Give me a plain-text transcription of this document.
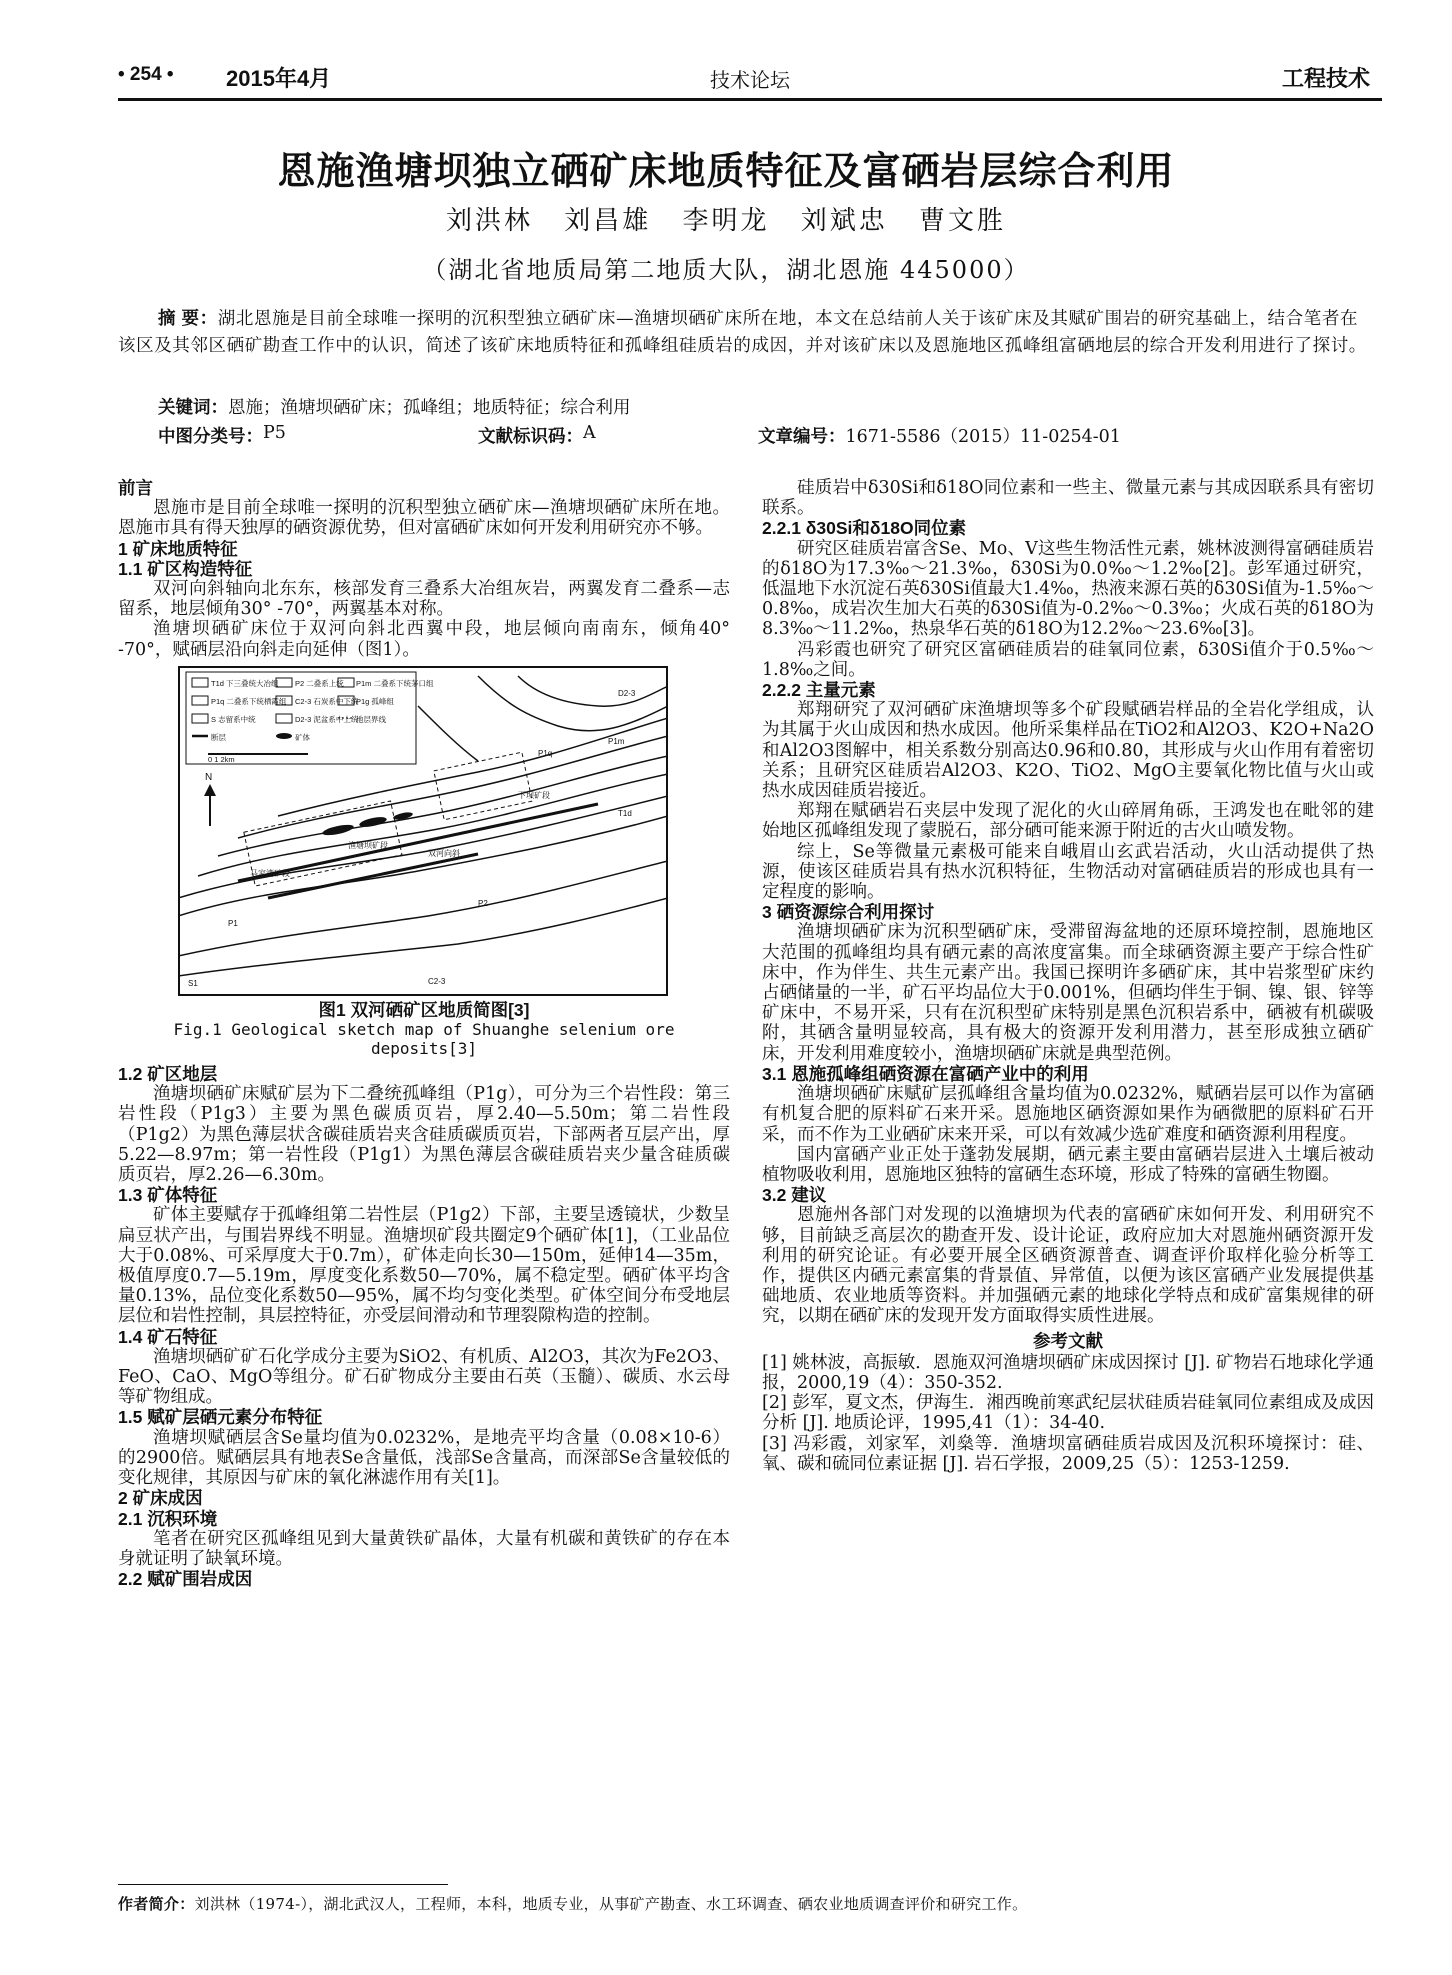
• 254 • 2015年4月	技术论坛	工程技术
恩施渔塘坝独立硒矿床地质特征及富硒岩层综合利用
刘洪林 刘昌雄 李明龙 刘斌忠 曹文胜
（湖北省地质局第二地质大队，湖北恩施 445000）
摘 要：湖北恩施是目前全球唯一探明的沉积型独立硒矿床—渔塘坝硒矿床所在地，本文在总结前人关于该矿床及其赋矿围岩的研究基础上，结合笔者在该区及其邻区硒矿勘查工作中的认识，简述了该矿床地质特征和孤峰组硅质岩的成因，并对该矿床以及恩施地区孤峰组富硒地层的综合开发利用进行了探讨。
关键词：恩施；渔塘坝硒矿床；孤峰组；地质特征；综合利用
中图分类号： P5	文献标识码： A	文章编号： 1671-5586（2015）11-0254-01
前言

恩施市是目前全球唯一探明的沉积型独立硒矿床—渔塘坝硒矿床所在地。恩施市具有得天独厚的硒资源优势，但对富硒矿床如何开发利用研究亦不够。

1 矿床地质特征
1.1 矿区构造特征

双河向斜轴向北东东，核部发育三叠系大冶组灰岩，两翼发育二叠系—志留系，地层倾角30° -70°，两翼基本对称。

渔塘坝硒矿床位于双河向斜北西翼中段，地层倾向南南东，倾角40° -70°，赋硒层沿向斜走向延伸（图1）。

T1d 下三叠统大冶组 P2 二叠系上统 P1m 二叠系下统茅口组
P1q 二叠系下统栖霞组 C2-3 石炭系中下统
P1g 孤峰组
S 志留系中统	D2-3 泥盆系中上统
地层界线
断层	矿体
0 1 2km
N
渔塘坝矿段
双河向斜
下坝矿段
马家湾矿段
D2-3
P1m
P1q
T1d
P2
C2-3
S1
P1
图1 双河硒矿区地质简图[3]
Fig.1 Geological sketch map of Shuanghe selenium ore deposits[3]
1.2 矿区地层

渔塘坝硒矿床赋矿层为下二叠统孤峰组（P1g），可分为三个岩性段：第三岩性段（P1g3）主要为黑色碳质页岩，厚2.40—5.50m；第二岩性段（P1g2）为黑色薄层状含碳硅质岩夹含硅质碳质页岩，下部两者互层产出，厚5.22—8.97m；第一岩性段（P1g1）为黑色薄层含碳硅质岩夹少量含硅质碳质页岩，厚2.26—6.30m。

1.3 矿体特征

矿体主要赋存于孤峰组第二岩性层（P1g2）下部，主要呈透镜状，少数呈扁豆状产出，与围岩界线不明显。渔塘坝矿段共圈定9个硒矿体[1]，（工业品位大于0.08%、可采厚度大于0.7m），矿体走向长30—150m，延伸14—35m，极值厚度0.7—5.19m，厚度变化系数50—70%，属不稳定型。硒矿体平均含量0.13%，品位变化系数50—95%，属不均匀变化类型。矿体空间分布受地层层位和岩性控制，具层控特征，亦受层间滑动和节理裂隙构造的控制。

1.4 矿石特征

渔塘坝硒矿矿石化学成分主要为SiO2、有机质、Al2O3，其次为Fe2O3、FeO、CaO、MgO等组分。矿石矿物成分主要由石英（玉髓）、碳质、水云母等矿物组成。

1.5 赋矿层硒元素分布特征

渔塘坝赋硒层含Se量均值为0.0232%，是地壳平均含量（0.08×10-6）的2900倍。赋硒层具有地表Se含量低，浅部Se含量高，而深部Se含量较低的变化规律，其原因与矿床的氧化淋滤作用有关[1]。

2 矿床成因
2.1 沉积环境

笔者在研究区孤峰组见到大量黄铁矿晶体，大量有机碳和黄铁矿的存在本身就证明了缺氧环境。

2.2 赋矿围岩成因

硅质岩中δ30Si和δ18O同位素和一些主、微量元素与其成因联系具有密切联系。

2.2.1 δ30Si和δ18O同位素

研究区硅质岩富含Se、Mo、V这些生物活性元素，姚林波测得富硒硅质岩的δ18O为17.3‰～21.3‰，δ30Si为0.0‰～1.2‰[2]。彭军通过研究，低温地下水沉淀石英δ30Si值最大1.4‰，热液来源石英的δ30Si值为-1.5‰～0.8‰，成岩次生加大石英的δ30Si值为-0.2‰～0.3‰；火成石英的δ18O为8.3‰～11.2‰，热泉华石英的δ18O为12.2‰～23.6‰[3]。

冯彩霞也研究了研究区富硒硅质岩的硅氧同位素，δ30Si值介于0.5‰～1.8‰之间。

2.2.2 主量元素

郑翔研究了双河硒矿床渔塘坝等多个矿段赋硒岩样品的全岩化学组成，认为其属于火山成因和热水成因。他所采集样品在TiO2和Al2O3、K2O+Na2O和Al2O3图解中，相关系数分别高达0.96和0.80，其形成与火山作用有着密切关系；且研究区硅质岩Al2O3、K2O、TiO2、MgO主要氧化物比值与火山或热水成因硅质岩接近。

郑翔在赋硒岩石夹层中发现了泥化的火山碎屑角砾，王鸿发也在毗邻的建始地区孤峰组发现了蒙脱石，部分硒可能来源于附近的古火山喷发物。

综上，Se等微量元素极可能来自峨眉山玄武岩活动，火山活动提供了热源，使该区硅质岩具有热水沉积特征，生物活动对富硒硅质岩的形成也具有一定程度的影响。

3 硒资源综合利用探讨

渔塘坝硒矿床为沉积型硒矿床，受滞留海盆地的还原环境控制，恩施地区大范围的孤峰组均具有硒元素的高浓度富集。而全球硒资源主要产于综合性矿床中，作为伴生、共生元素产出。我国已探明许多硒矿床，其中岩浆型矿床约占硒储量的一半，矿石平均品位大于0.001%，但硒均伴生于铜、镍、银、锌等矿床中，不易开采，只有在沉积型矿床特别是黑色沉积岩系中，硒被有机碳吸附，其硒含量明显较高，具有极大的资源开发利用潜力，甚至形成独立硒矿床，开发利用难度较小，渔塘坝硒矿床就是典型范例。

3.1 恩施孤峰组硒资源在富硒产业中的利用

渔塘坝硒矿床赋矿层孤峰组含量均值为0.0232%，赋硒岩层可以作为富硒有机复合肥的原料矿石来开采。恩施地区硒资源如果作为硒微肥的原料矿石开采，而不作为工业硒矿床来开采，可以有效减少选矿难度和硒资源利用程度。

国内富硒产业正处于蓬勃发展期，硒元素主要由富硒岩层进入土壤后被动植物吸收利用，恩施地区独特的富硒生态环境，形成了特殊的富硒生物圈。

3.2 建议

恩施州各部门对发现的以渔塘坝为代表的富硒矿床如何开发、利用研究不够，目前缺乏高层次的勘查开发、设计论证，政府应加大对恩施州硒资源开发利用的研究论证。有必要开展全区硒资源普查、调查评价取样化验分析等工作，提供区内硒元素富集的背景值、异常值，以便为该区富硒产业发展提供基础地质、农业地质等资料。并加强硒元素的地球化学特点和成矿富集规律的研究，以期在硒矿床的发现开发方面取得实质性进展。

参考文献

[1] 姚林波，高振敏．恩施双河渔塘坝硒矿床成因探讨 [J]. 矿物岩石地球化学通报，2000,19（4）：350-352.

[2] 彭军，夏文杰，伊海生．湘西晚前寒武纪层状硅质岩硅氧同位素组成及成因分析 [J]. 地质论评，1995,41（1）：34-40.

[3] 冯彩霞，刘家军，刘燊等．渔塘坝富硒硅质岩成因及沉积环境探讨：硅、氧、碳和硫同位素证据 [J]. 岩石学报，2009,25（5）：1253-1259.

作者简介：刘洪林（1974-），湖北武汉人，工程师，本科，地质专业，从事矿产勘查、水工环调查、硒农业地质调查评价和研究工作。
